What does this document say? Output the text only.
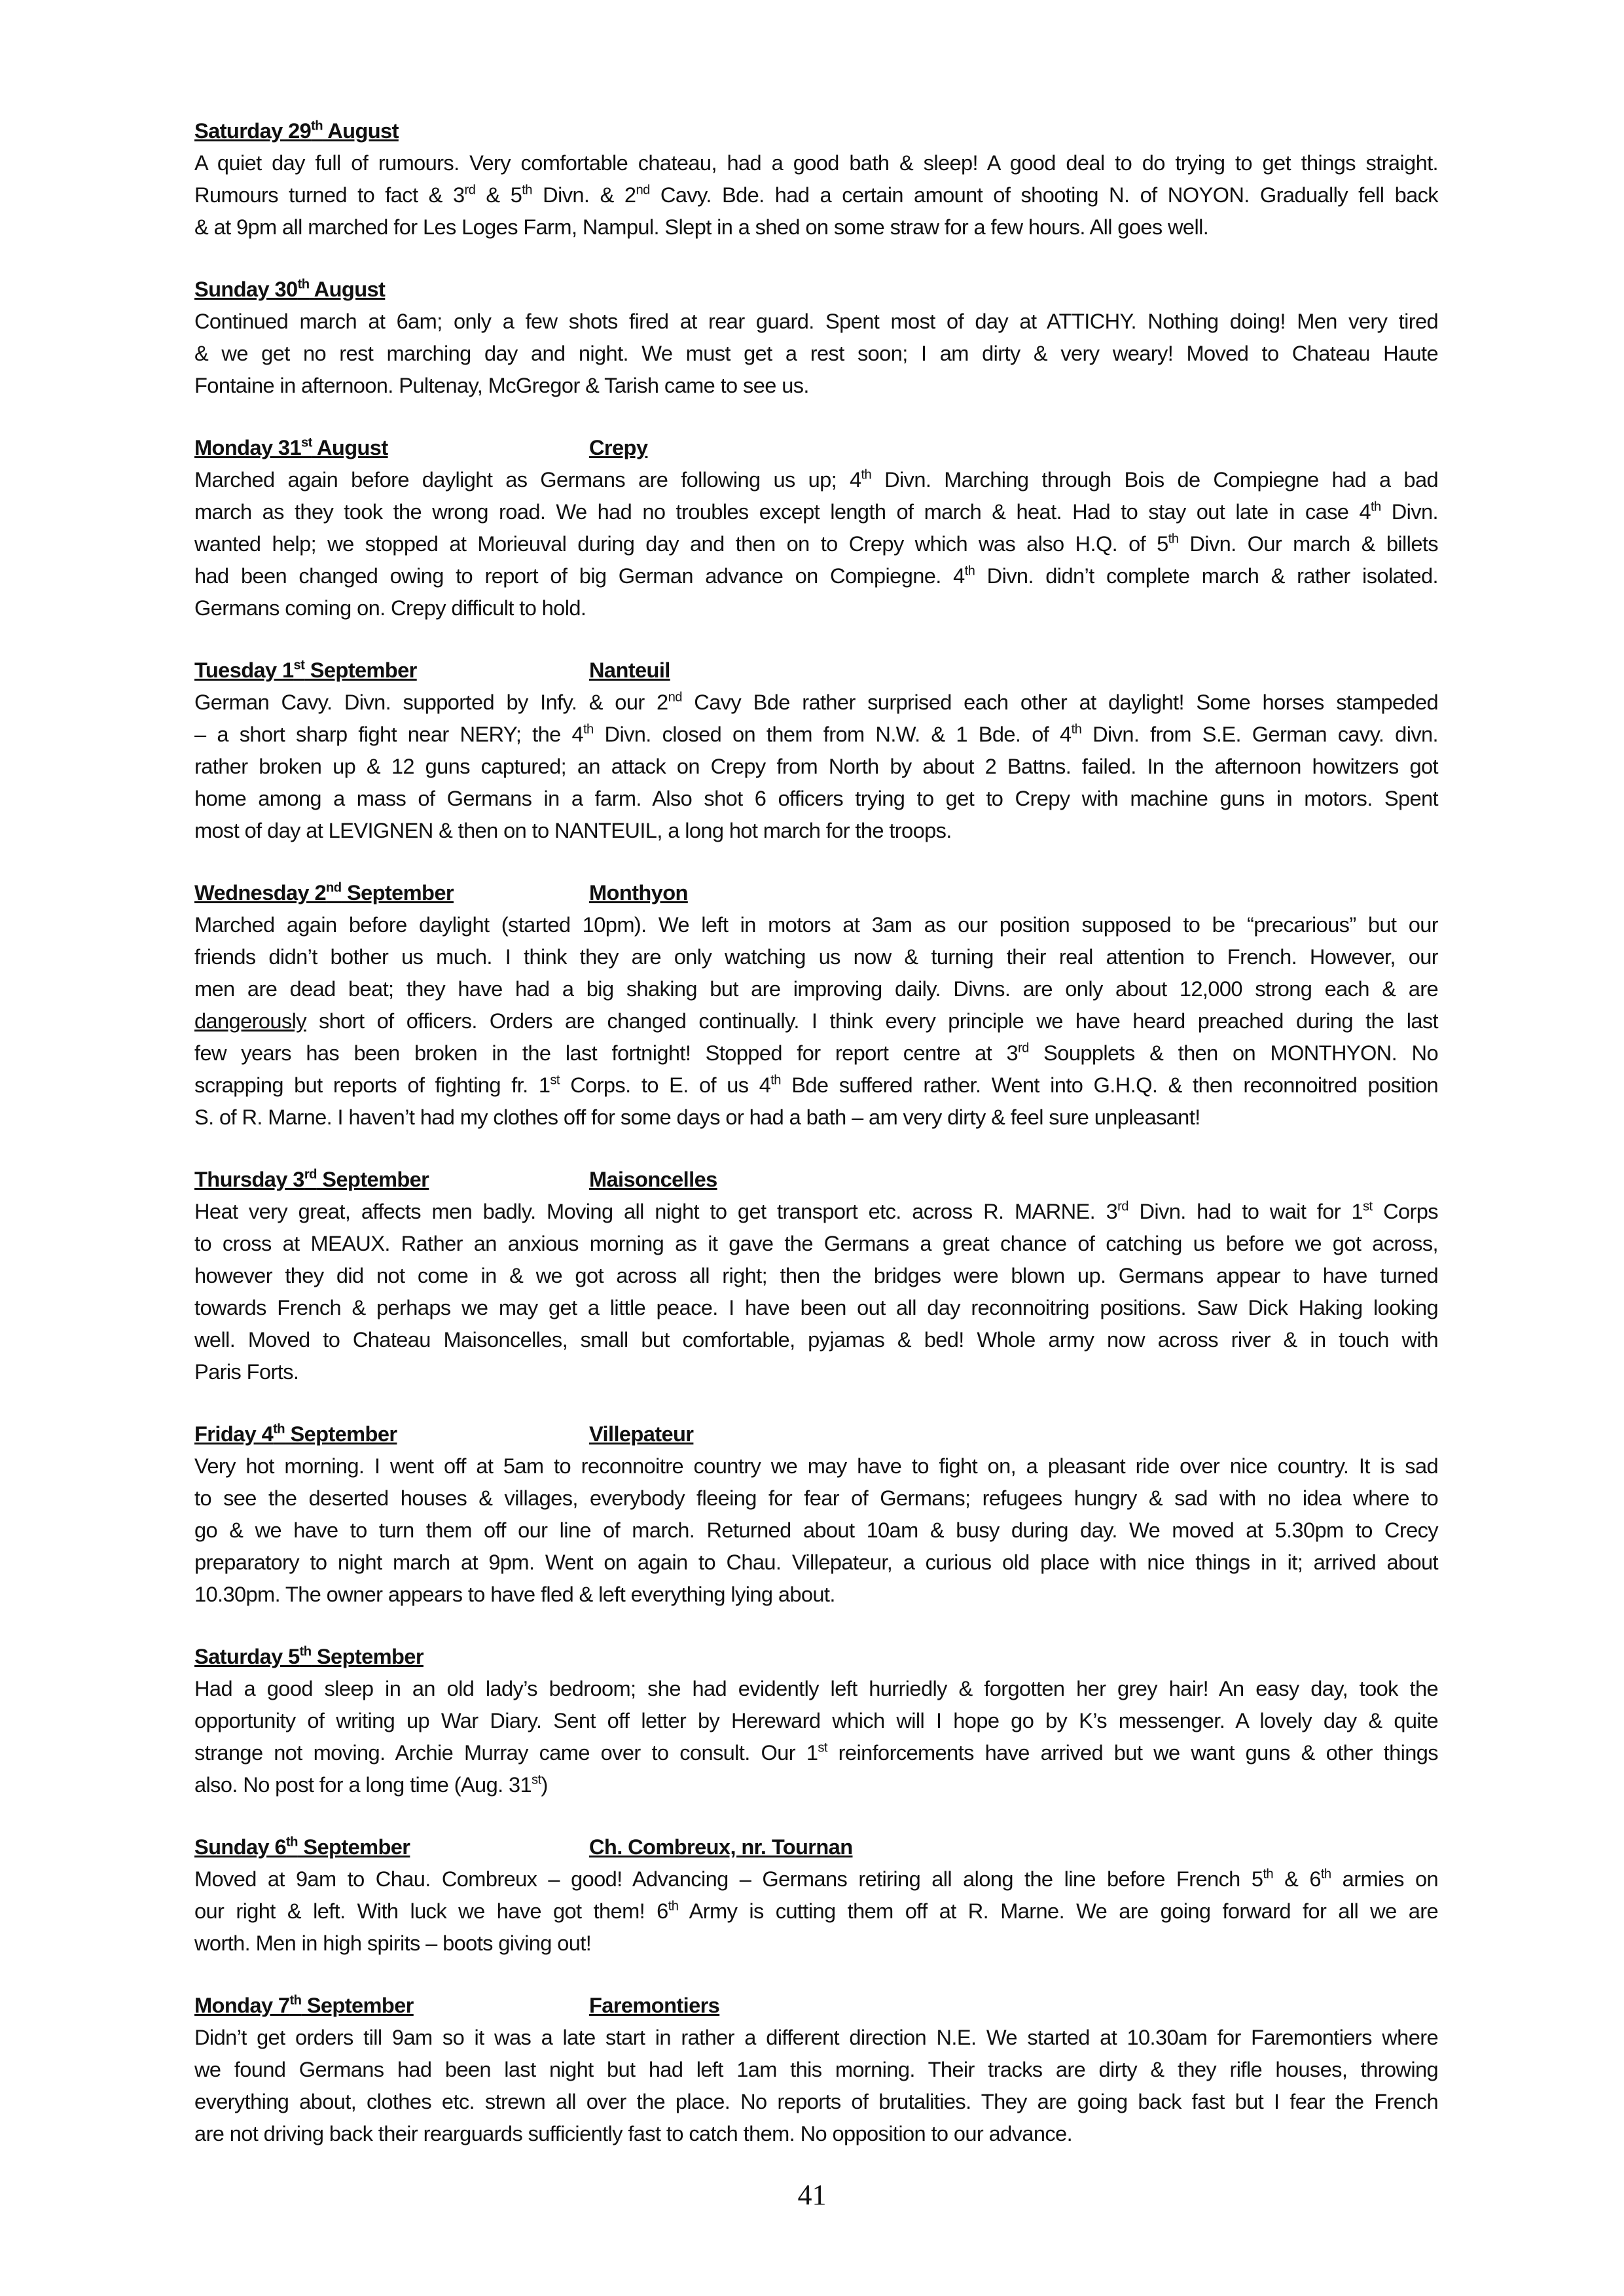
Saturday 29th August
A quiet day full of rumours. Very comfortable chateau, had a good bath & sleep! A good deal to do trying to get things straight.
Rumours turned to fact & 3rd & 5th Divn. & 2nd Cavy. Bde. had a certain amount of shooting N. of NOYON. Gradually fell back
& at 9pm all marched for Les Loges Farm, Nampul. Slept in a shed on some straw for a few hours. All goes well.
Sunday 30th August
Continued march at 6am; only a few shots fired at rear guard. Spent most of day at ATTICHY. Nothing doing! Men very tired
& we get no rest marching day and night. We must get a rest soon; I am dirty & very weary! Moved to Chateau Haute
Fontaine in afternoon. Pultenay, McGregor & Tarish came to see us.
Monday 31st August	Crepy
Marched again before daylight as Germans are following us up; 4th Divn. Marching through Bois de Compiegne had a bad
march as they took the wrong road. We had no troubles except length of march & heat. Had to stay out late in case 4th Divn.
wanted help; we stopped at Morieuval during day and then on to Crepy which was also H.Q. of 5th Divn. Our march & billets
had been changed owing to report of big German advance on Compiegne. 4th Divn. didn’t complete march & rather isolated.
Germans coming on. Crepy difficult to hold.
Tuesday 1st September	Nanteuil
German Cavy. Divn. supported by Infy. & our 2nd Cavy Bde rather surprised each other at daylight! Some horses stampeded
– a short sharp fight near NERY; the 4th Divn. closed on them from N.W. & 1 Bde. of 4th Divn. from S.E. German cavy. divn.
rather broken up & 12 guns captured; an attack on Crepy from North by about 2 Battns. failed. In the afternoon howitzers got
home among a mass of Germans in a farm. Also shot 6 officers trying to get to Crepy with machine guns in motors. Spent
most of day at LEVIGNEN & then on to NANTEUIL, a long hot march for the troops.
Wednesday 2nd September	Monthyon
Marched again before daylight (started 10pm). We left in motors at 3am as our position supposed to be “precarious” but our
friends didn’t bother us much. I think they are only watching us now & turning their real attention to French. However, our
men are dead beat; they have had a big shaking but are improving daily. Divns. are only about 12,000 strong each & are
dangerously short of officers. Orders are changed continually. I think every principle we have heard preached during the last
few years has been broken in the last fortnight! Stopped for report centre at 3rd Soupplets & then on MONTHYON. No
scrapping but reports of fighting fr. 1st Corps. to E. of us 4th Bde suffered rather. Went into G.H.Q. & then reconnoitred position
S. of R. Marne. I haven’t had my clothes off for some days or had a bath – am very dirty & feel sure unpleasant!
Thursday 3rd September	Maisoncelles
Heat very great, affects men badly. Moving all night to get transport etc. across R. MARNE. 3rd Divn. had to wait for 1st Corps
to cross at MEAUX. Rather an anxious morning as it gave the Germans a great chance of catching us before we got across,
however they did not come in & we got across all right; then the bridges were blown up. Germans appear to have turned
towards French & perhaps we may get a little peace. I have been out all day reconnoitring positions. Saw Dick Haking looking
well. Moved to Chateau Maisoncelles, small but comfortable, pyjamas & bed! Whole army now across river & in touch with
Paris Forts.
Friday 4th September	Villepateur
Very hot morning. I went off at 5am to reconnoitre country we may have to fight on, a pleasant ride over nice country. It is sad
to see the deserted houses & villages, everybody fleeing for fear of Germans; refugees hungry & sad with no idea where to
go & we have to turn them off our line of march. Returned about 10am & busy during day. We moved at 5.30pm to Crecy
preparatory to night march at 9pm. Went on again to Chau. Villepateur, a curious old place with nice things in it; arrived about
10.30pm. The owner appears to have fled & left everything lying about.
Saturday 5th September
Had a good sleep in an old lady’s bedroom; she had evidently left hurriedly & forgotten her grey hair! An easy day, took the
opportunity of writing up War Diary. Sent off letter by Hereward which will I hope go by K’s messenger. A lovely day & quite
strange not moving. Archie Murray came over to consult. Our 1st reinforcements have arrived but we want guns & other things
also. No post for a long time (Aug. 31st)
Sunday 6th September	Ch. Combreux, nr. Tournan
Moved at 9am to Chau. Combreux – good! Advancing – Germans retiring all along the line before French 5th & 6th armies on
our right & left. With luck we have got them! 6th Army is cutting them off at R. Marne. We are going forward for all we are
worth. Men in high spirits – boots giving out!
Monday 7th September	Faremontiers
Didn’t get orders till 9am so it was a late start in rather a different direction N.E. We started at 10.30am for Faremontiers where
we found Germans had been last night but had left 1am this morning. Their tracks are dirty & they rifle houses, throwing
everything about, clothes etc. strewn all over the place. No reports of brutalities. They are going back fast but I fear the French
are not driving back their rearguards sufficiently fast to catch them. No opposition to our advance.
41
